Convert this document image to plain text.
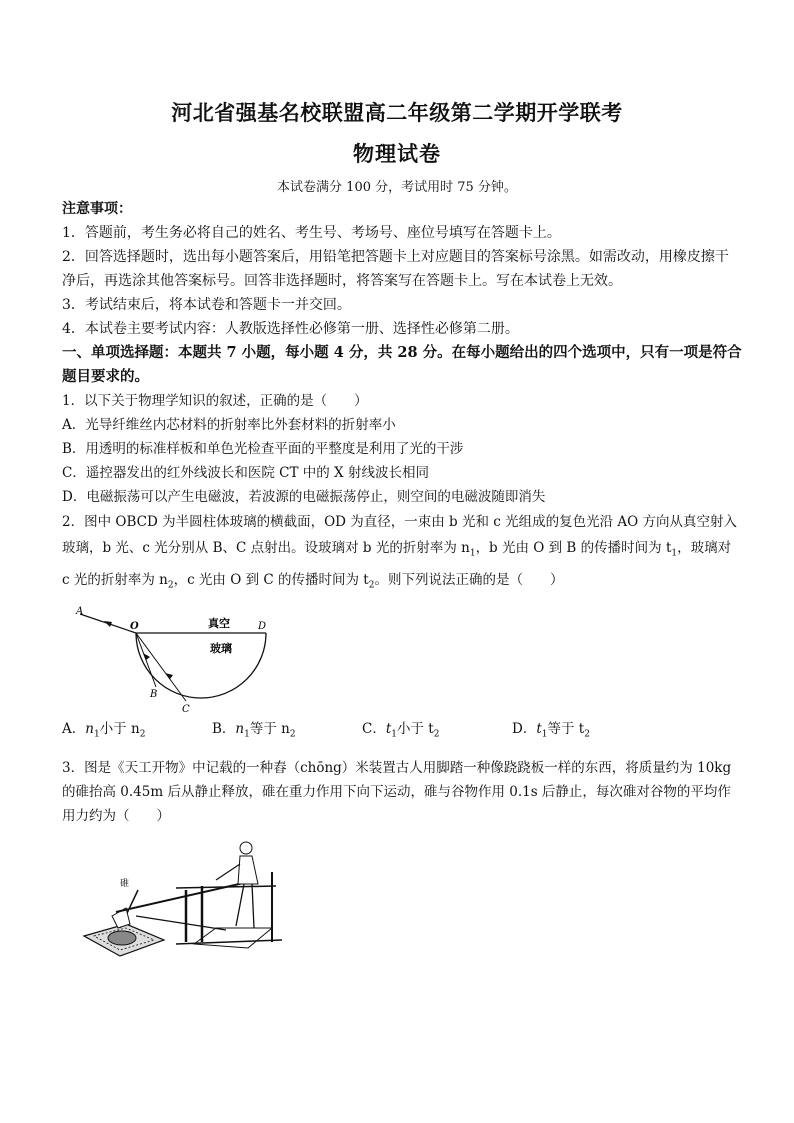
河北省强基名校联盟高二年级第二学期开学联考
物理试卷
本试卷满分 100 分，考试用时 75 分钟。
注意事项：

1．答题前，考生务必将自己的姓名、考生号、考场号、座位号填写在答题卡上。

2．回答选择题时，选出每小题答案后，用铅笔把答题卡上对应题目的答案标号涂黑。如需改动，用橡皮擦干净后，再选涂其他答案标号。回答非选择题时，将答案写在答题卡上。写在本试卷上无效。

3．考试结束后，将本试卷和答题卡一并交回。

4．本试卷主要考试内容：人教版选择性必修第一册、选择性必修第二册。

一、单项选择题：本题共 7 小题，每小题 4 分，共 28 分。在每小题给出的四个选项中，只有一项是符合题目要求的。

1．以下关于物理学知识的叙述，正确的是（　　）

A．光导纤维丝内芯材料的折射率比外套材料的折射率小

B．用透明的标准样板和单色光检查平面的平整度是利用了光的干涉

C．遥控器发出的红外线波长和医院 CT 中的 X 射线波长相同

D．电磁振荡可以产生电磁波，若波源的电磁振荡停止，则空间的电磁波随即消失

2．图中 OBCD 为半圆柱体玻璃的横截面，OD 为直径，一束由 b 光和 c 光组成的复色光沿 AO 方向从真空射入玻璃，b 光、c 光分别从 B、C 点射出。设玻璃对 b 光的折射率为 $n_1$，b 光由 O 到 B 的传播时间为 $t_1$，玻璃对 c 光的折射率为 $n_2$，c 光由 O 到 C 的传播时间为 $t_2$。则下列说法正确的是（　　）

A
O	D
B
C
真空
玻璃
A．$n_1$小于 $n_2$	B．$n_1$等于 $n_2$	C．$t_1$小于 $t_2$	D．$t_1$等于 $t_2$

3．图是《天工开物》中记载的一种舂（chōng）米装置古人用脚踏一种像跷跷板一样的东西，将质量约为 10kg 的碓抬高 0.45m 后从静止释放，碓在重力作用下向下运动，碓与谷物作用 0.1s 后静止，每次碓对谷物的平均作用力约为（　　）

碓
